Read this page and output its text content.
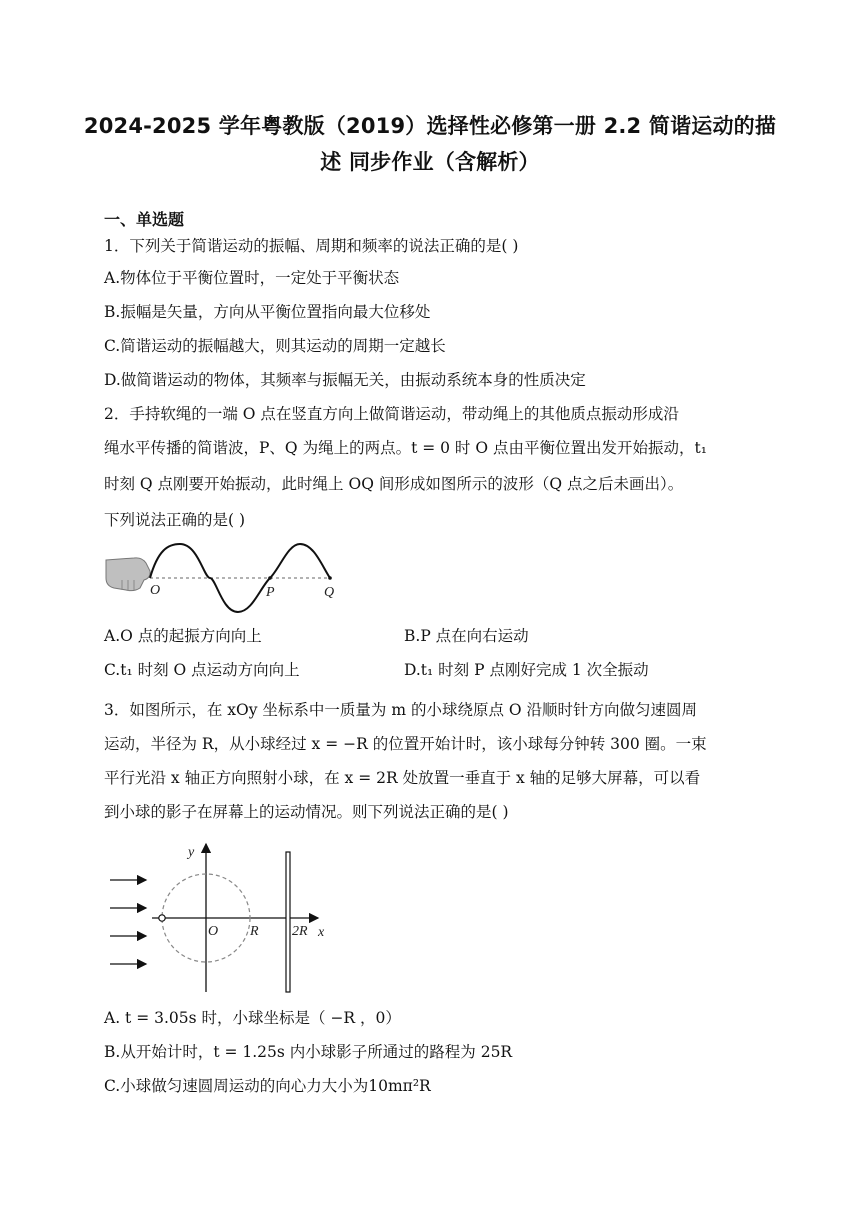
2024-2025 学年粤教版（2019）选择性必修第一册 2.2 简谐运动的描
述 同步作业（含解析）
一、单选题
1．下列关于简谐运动的振幅、周期和频率的说法正确的是( )
A.物体位于平衡位置时，一定处于平衡状态
B.振幅是矢量，方向从平衡位置指向最大位移处
C.简谐运动的振幅越大，则其运动的周期一定越长
D.做简谐运动的物体，其频率与振幅无关，由振动系统本身的性质决定
2．手持软绳的一端 O 点在竖直方向上做简谐运动，带动绳上的其他质点振动形成沿
绳水平传播的简谐波，P、Q 为绳上的两点。t = 0 时 O 点由平衡位置出发开始振动，t₁
时刻 Q 点刚要开始振动，此时绳上 OQ 间形成如图所示的波形（Q 点之后未画出）。
下列说法正确的是( )
O	P	Q
A.O 点的起振方向向上	B.P 点在向右运动
C.t₁ 时刻 O 点运动方向向上	D.t₁ 时刻 P 点刚好完成 1 次全振动
3．如图所示，在 xOy 坐标系中一质量为 m 的小球绕原点 O 沿顺时针方向做匀速圆周
运动，半径为 R，从小球经过 x = −R 的位置开始计时，该小球每分钟转 300 圈。一束
平行光沿 x 轴正方向照射小球，在 x = 2R 处放置一垂直于 x 轴的足够大屏幕，可以看
到小球的影子在屏幕上的运动情况。则下列说法正确的是( )
y
x
O R 2R
A. t = 3.05s 时，小球坐标是（ −R ，0）
B.从开始计时，t = 1.25s 内小球影子所通过的路程为 25R
C.小球做匀速圆周运动的向心力大小为10mπ²R
